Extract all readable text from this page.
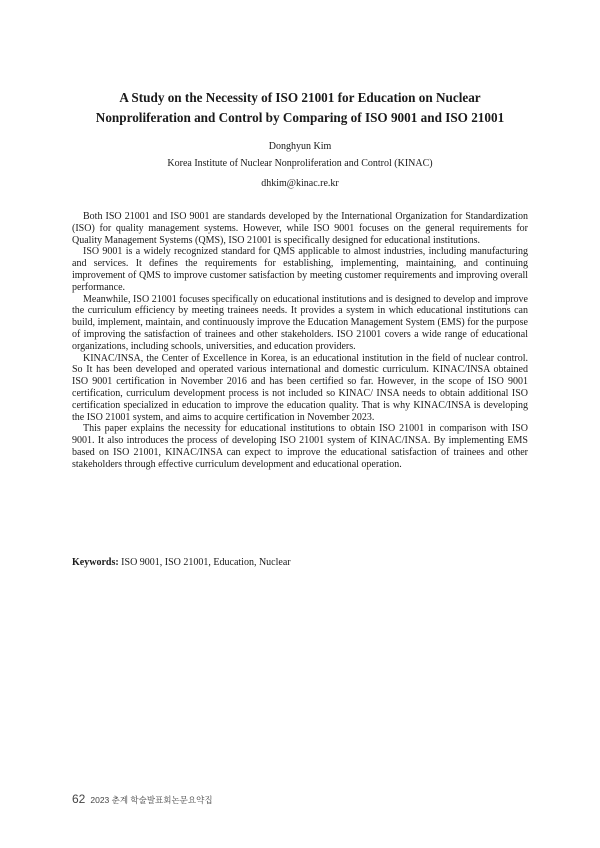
A Study on the Necessity of ISO 21001 for Education on Nuclear
Nonproliferation and Control by Comparing of ISO 9001 and ISO 21001
Donghyun Kim
Korea Institute of Nuclear Nonproliferation and Control (KINAC)
dhkim@kinac.re.kr

Both ISO 21001 and ISO 9001 are standards developed by the International Organization for Standardization (ISO) for quality management systems. However, while ISO 9001 focuses on the general requirements for Quality Management Systems (QMS), ISO 21001 is specifically designed for educational institutions.

ISO 9001 is a widely recognized standard for QMS applicable to almost industries, including manufacturing and services. It defines the requirements for establishing, implementing, maintaining, and continuing improvement of QMS to improve customer satisfaction by meeting customer requirements and improving overall performance.

Meanwhile, ISO 21001 focuses specifically on educational institutions and is designed to develop and improve the curriculum efficiency by meeting trainees needs. It provides a system in which educational institutions can build, implement, maintain, and continuously improve the Education Management System (EMS) for the purpose of improving the satisfaction of trainees and other stakeholders. ISO 21001 covers a wide range of educational organizations, including schools, universities, and education providers.

KINAC/INSA, the Center of Excellence in Korea, is an educational institution in the field of nuclear control. So It has been developed and operated various international and domestic curriculum. KINAC/INSA obtained ISO 9001 certification in November 2016 and has been certified so far. However, in the scope of ISO 9001 certification, curriculum development process is not included so KINAC/ INSA needs to obtain additional ISO certification specialized in education to improve the education quality. That is why KINAC/INSA is developing the ISO 21001 system, and aims to acquire certification in November 2023.

This paper explains the necessity for educational institutions to obtain ISO 21001 in comparison with ISO 9001. It also introduces the process of developing ISO 21001 system of KINAC/INSA. By implementing EMS based on ISO 21001, KINAC/INSA can expect to improve the educational satisfaction of trainees and other stakeholders through effective curriculum development and educational operation.

Keywords: ISO 9001, ISO 21001, Education, Nuclear
62 2023 춘계 학술발표회논문요약집
